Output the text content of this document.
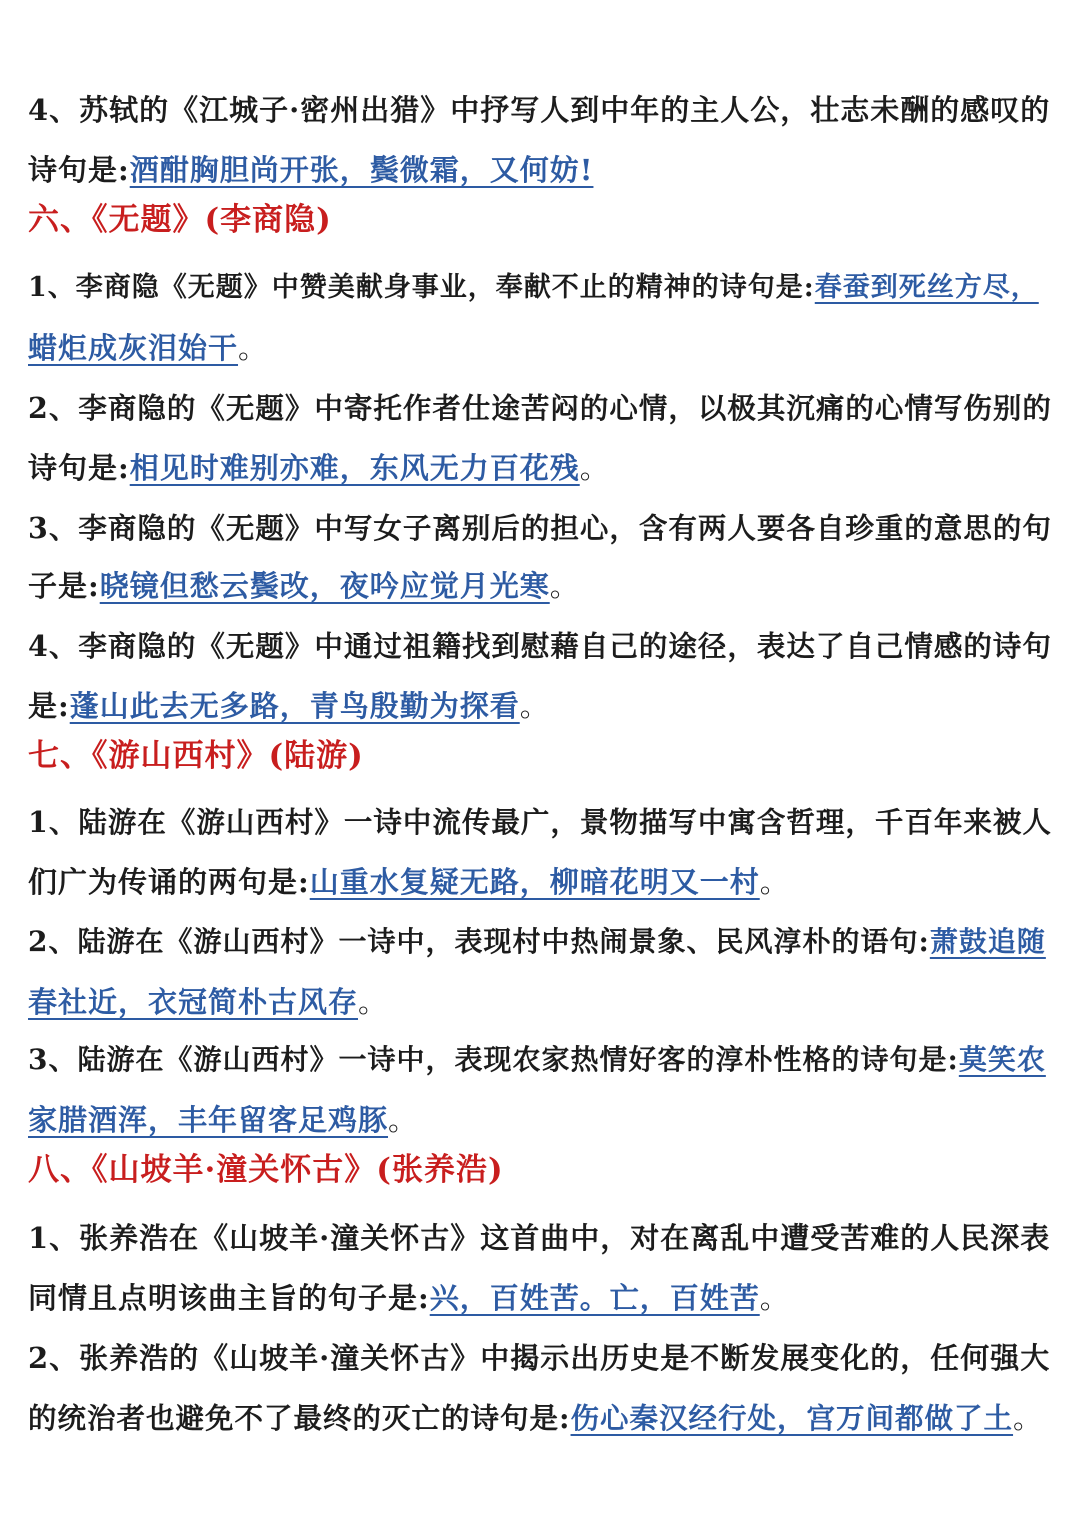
4、苏轼的《江城子·密州出猎》中抒写人到中年的主人公，壮志未酬的感叹的
诗句是:酒酣胸胆尚开张，鬓微霜，又何妨!
六、《无题》(李商隐)
1、李商隐《无题》中赞美献身事业，奉献不止的精神的诗句是:春蚕到死丝方尽，
蜡炬成灰泪始干。
2、李商隐的《无题》中寄托作者仕途苦闷的心情，以极其沉痛的心情写伤别的
诗句是:相见时难别亦难，东风无力百花残。
3、李商隐的《无题》中写女子离别后的担心，含有两人要各自珍重的意思的句
子是:晓镜但愁云鬓改，夜吟应觉月光寒。
4、李商隐的《无题》中通过祖籍找到慰藉自己的途径，表达了自己情感的诗句
是:蓬山此去无多路，青鸟殷勤为探看。
七、《游山西村》(陆游)
1、陆游在《游山西村》一诗中流传最广，景物描写中寓含哲理，千百年来被人
们广为传诵的两句是:山重水复疑无路，柳暗花明又一村。
2、陆游在《游山西村》一诗中，表现村中热闹景象、民风淳朴的语句:萧鼓追随
春社近，衣冠简朴古风存。
3、陆游在《游山西村》一诗中，表现农家热情好客的淳朴性格的诗句是:莫笑农
家腊酒浑，丰年留客足鸡豚。
八、《山坡羊·潼关怀古》(张养浩)
1、张养浩在《山坡羊·潼关怀古》这首曲中，对在离乱中遭受苦难的人民深表
同情且点明该曲主旨的句子是:兴，百姓苦。亡，百姓苦。
2、张养浩的《山坡羊·潼关怀古》中揭示出历史是不断发展变化的，任何强大
的统治者也避免不了最终的灭亡的诗句是:伤心秦汉经行处，宫万间都做了土。
